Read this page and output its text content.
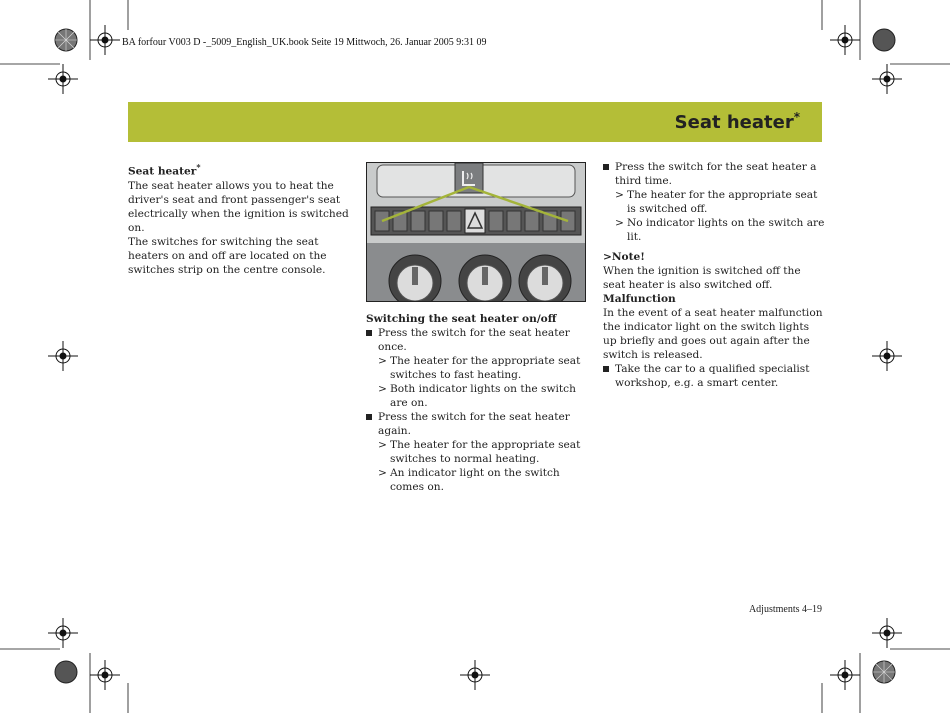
BA forfour V003 D -_5009_English_UK.book Seite 19 Mittwoch, 26. Januar 2005 9:31 09
Seat heater*
Seat heater*

The seat heater allows you to heat the driver's seat and front passenger's seat electrically when the ignition is switched on.

The switches for switching the seat heaters on and off are located on the switches strip on the centre console.

Switching the seat heater on/off
Press the switch for the seat heater once.
> The heater for the appropriate seat switches to fast heating.
> Both indicator lights on the switch are on.
Press the switch for the seat heater again.
> The heater for the appropriate seat switches to normal heating.
> An indicator light on the switch comes on.
Press the switch for the seat heater a third time.
> The heater for the appropriate seat is switched off.
> No indicator lights on the switch are lit.
>Note!

When the ignition is switched off the seat heater is also switched off.

Malfunction

In the event of a seat heater malfunction the indicator light on the switch lights up briefly and goes out again after the switch is released.

Take the car to a qualified specialist workshop, e.g. a smart center.
Adjustments 4–19
